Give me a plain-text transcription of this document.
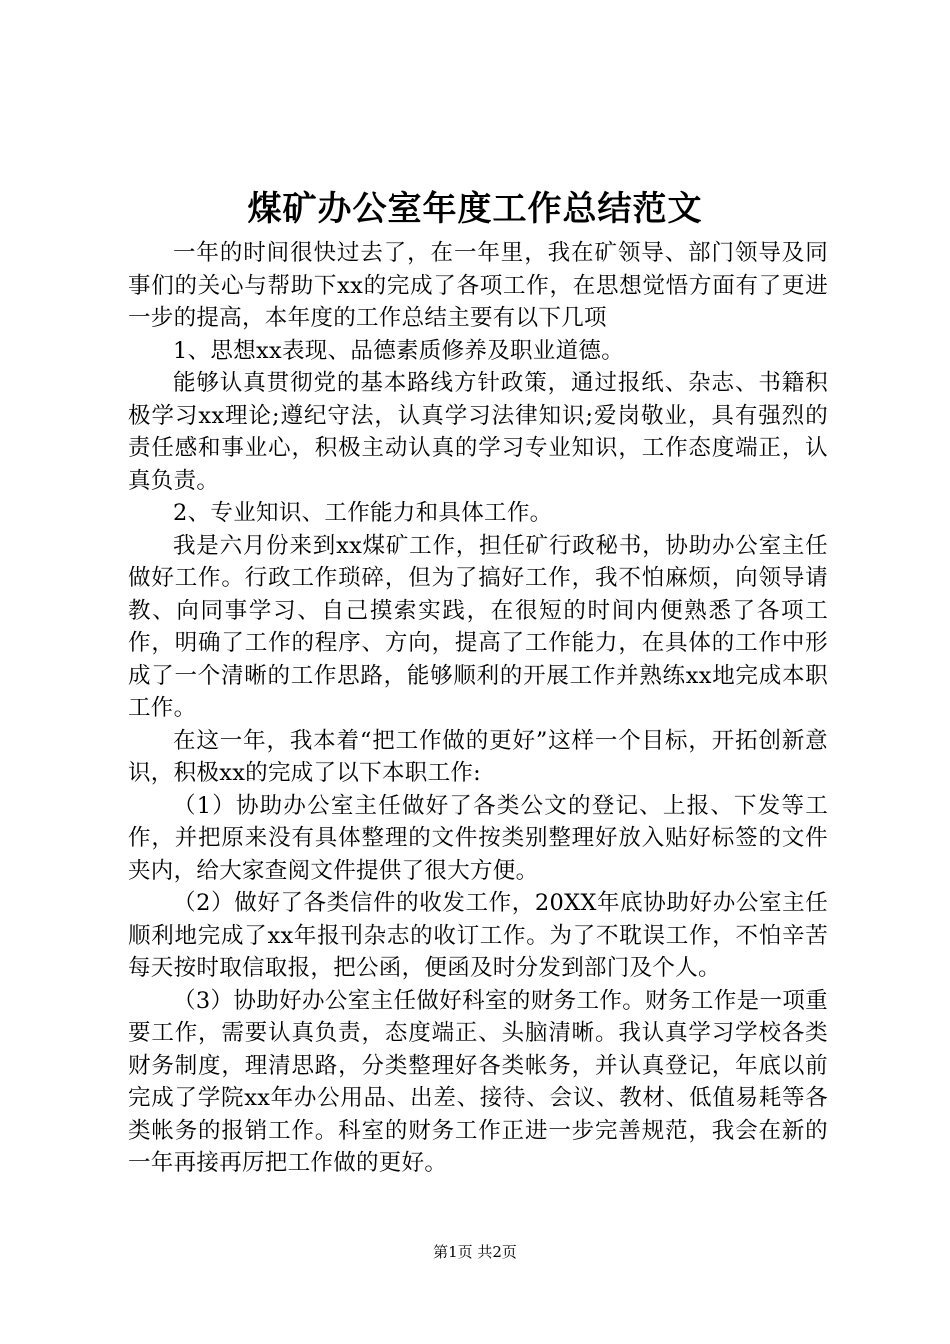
煤矿办公室年度工作总结范文

一年的时间很快过去了，在一年里，我在矿领导、部门领导及同事们的关心与帮助下xx的完成了各项工作，在思想觉悟方面有了更进一步的提高，本年度的工作总结主要有以下几项

1、思想xx表现、品德素质修养及职业道德。

能够认真贯彻党的基本路线方针政策，通过报纸、杂志、书籍积极学习xx理论;遵纪守法，认真学习法律知识;爱岗敬业，具有强烈的责任感和事业心，积极主动认真的学习专业知识，工作态度端正，认真负责。

2、专业知识、工作能力和具体工作。

我是六月份来到xx煤矿工作，担任矿行政秘书，协助办公室主任做好工作。行政工作琐碎，但为了搞好工作，我不怕麻烦，向领导请教、向同事学习、自己摸索实践，在很短的时间内便熟悉了各项工作，明确了工作的程序、方向，提高了工作能力，在具体的工作中形成了一个清晰的工作思路，能够顺利的开展工作并熟练xx地完成本职工作。

在这一年，我本着“把工作做的更好”这样一个目标，开拓创新意识，积极xx的完成了以下本职工作:

（1）协助办公室主任做好了各类公文的登记、上报、下发等工作，并把原来没有具体整理的文件按类别整理好放入贴好标签的文件夹内，给大家查阅文件提供了很大方便。

（2）做好了各类信件的收发工作，20XX年底协助好办公室主任顺利地完成了xx年报刊杂志的收订工作。为了不耽误工作，不怕辛苦每天按时取信取报，把公函，便函及时分发到部门及个人。

（3）协助好办公室主任做好科室的财务工作。财务工作是一项重要工作，需要认真负责，态度端正、头脑清晰。我认真学习学校各类财务制度，理清思路，分类整理好各类帐务，并认真登记，年底以前完成了学院xx年办公用品、出差、接待、会议、教材、低值易耗等各类帐务的报销工作。科室的财务工作正进一步完善规范，我会在新的一年再接再厉把工作做的更好。

第1页 共2页
